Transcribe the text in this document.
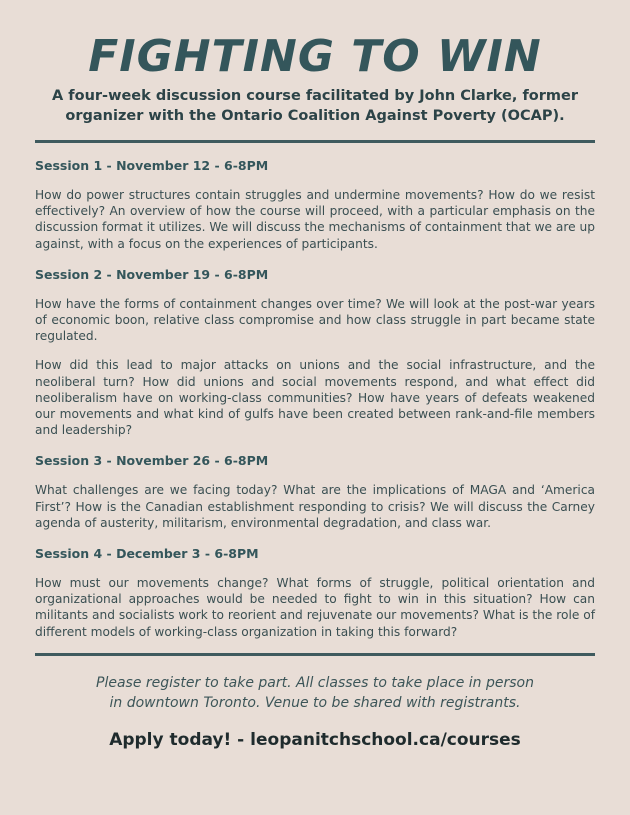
FIGHTING TO WIN

A four-week discussion course facilitated by John Clarke, former
organizer with the Ontario Coalition Against Poverty (OCAP).

Session 1 - November 12 - 6-8PM

How do power structures contain struggles and undermine movements? How do we resist effectively? An overview of how the course will proceed, with a particular emphasis on the discussion format it utilizes. We will discuss the mechanisms of containment that we are up against, with a focus on the experiences of participants.

Session 2 - November 19 - 6-8PM

How have the forms of containment changes over time? We will look at the post-war years of economic boon, relative class compromise and how class struggle in part became state regulated.

How did this lead to major attacks on unions and the social infrastructure, and the neoliberal turn? How did unions and social movements respond, and what effect did neoliberalism have on working-class communities? How have years of defeats weakened our movements and what kind of gulfs have been created between rank-and-file members and leadership?

Session 3 - November 26 - 6-8PM

What challenges are we facing today? What are the implications of MAGA and ‘America First’? How is the Canadian establishment responding to crisis? We will discuss the Carney agenda of austerity, militarism, environmental degradation, and class war.

Session 4 - December 3 - 6-8PM

How must our movements change? What forms of struggle, political orientation and organizational approaches would be needed to fight to win in this situation? How can militants and socialists work to reorient and rejuvenate our movements? What is the role of different models of working-class organization in taking this forward?

Please register to take part. All classes to take place in person
in downtown Toronto. Venue to be shared with registrants.

Apply today! - leopanitchschool.ca/courses
